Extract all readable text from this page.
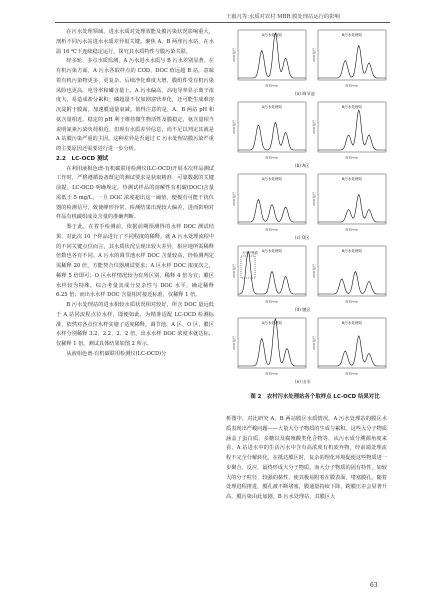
王毅凡等:水质对农村 MBR 膜处理站运行的影响

在污水处理领域，进水水质对处理效能及膜污染状况影响重大，剖析不同污水站进水水质差异很关键。聚焦 A、B 两座污水站，在水温 16 ℃下连续稳定运行，探究其水质特性与膜污染关联。

经多轮、多点水质监测，A 污水进水水质与 B 污水差别显著。在有机污染方面，A 污水各取样点的 COD、DOC 值远超 B 站，意味着有机污染物更多、更复杂，后续净化难度大增，膜组件受有机污染风险也更高。电导率和磷含量上，A 污水偏高，高电导率显示离子浓度大，易造成盐分累积；磷超量不仅加剧富营养化，还可能生成难溶沉淀附于膜面，加速膜通量衰减。值得注意的是，A、B 两站 pH 和氨含量相近。稳定的 pH 利于维持微生物活性及膜稳定，氨含量相当说明氮素污染负荷相近。但现有水质差异信息，尚不足以判定其就是 A 站膜污染严重的主因。这种差异是否通过 C 污水处理站膜污染严重的主要原因还需要进行进一步分析。

2.2　LC-OCD 测试

在利用液相色谱-有机碳联用检测仪(LC-OCD)开展本次样品测试工作时，严格遵循设备既定的测试要求是获取精准、可靠数据的关键前提。LC-OCD 明确规定，待测试样品的溶解性有机碳(DOC)含量需低于 5 mg/L，一旦 DOC 浓度超出这一阈值，便极有可能干扰仪器的检测信号，致使峰形异常、检测结果出现较大偏差，进而影响对样品有机碳组成及含量的准确判断。

鉴于此，在着手检测前，依据前期预测得的水样 DOC 测试结果，对此次 10 个样品进行了不同程度的稀释。就 A 污水处理流程中的不同关键点位而言，其水质状况呈现出较大差异，相应地所需稀释倍数也各有不同。A 污水的调节池水样 DOC 含量较高，经检测判定需稀释 20 倍，方能契合仪器测试要求；A 区水样 DOC 浓度次之，稀释 5 倍即可；O 区水样情况较为有所区别，稀释 4 倍为宜；膜区水样较为特殊，综合考量其成分复杂性与 DOC 水平，确定稀释 6.25 倍；而出水水样 DOC 含量相对接近标准，仅稀释 1 倍。

B 污水处理站的进水相较水质状况相对较好，所含 DOC 量远低于 A 站同流程点位水样，即便如此，为精准适配 LC-OCD 检测标准，依然对各点位水样实施了适度稀释。调节池、A 区、O 区、膜区水样分别稀释 3.2、2.2、2、2 倍，出水水样 DOC 浓度本就达标，仅稀释 1 倍。测试具体结果如图 2 所示。

从液相色谱-有机碳联用检测仪(LC-OCD)分

析图中，对比研究 A、B 两站膜区水质情况，A 污水处理站的膜区水质表现出严峻问题——大量大分子物质的生成与累积。这些大分子物质涵盖了蛋白质、多糖以及腐殖酸类化合物等，从污水成分溯源角度来看，A 站进水中的生活污水中含有高浓度有机废弃物，经前端处理流程不完全分解转化，在抵达膜区时，复杂的理化环境促使这些物质进一步聚合、反应，最终形成大分子物质。而大分子物质的固有特性，如较大的分子粒径、较强的黏性，使其极易附着在膜表面，堵塞膜孔。随着处理进程推进，膜孔被不断堵塞，膜通量持续下降，跨膜压差会显著升高，膜污染由此加剧。B 污水处理站，其膜区大

A污水处理站
OCD 信号
时间/min
B污水处理站
OCD 信号
时间/min
(a) 调节池
A污水处理站
OCD 信号
时间/min
B污水处理站
OCD 信号
时间/min
(b) A区
A污水处理站
OCD 信号
时间/min
B污水处理站
OCD 信号
时间/min
(c) O区
A污水处理站
OCD 信号
时间/min
大分子物质	B污水处理站
OCD 信号
时间/min
(d) 膜区
A污水处理站
OCD 信号
时间/min
B污水处理站
OCD 信号
时间/min
(e) 出水
图 2　农村污水处理站各个取样点 LC-OCD 结果对比
63
